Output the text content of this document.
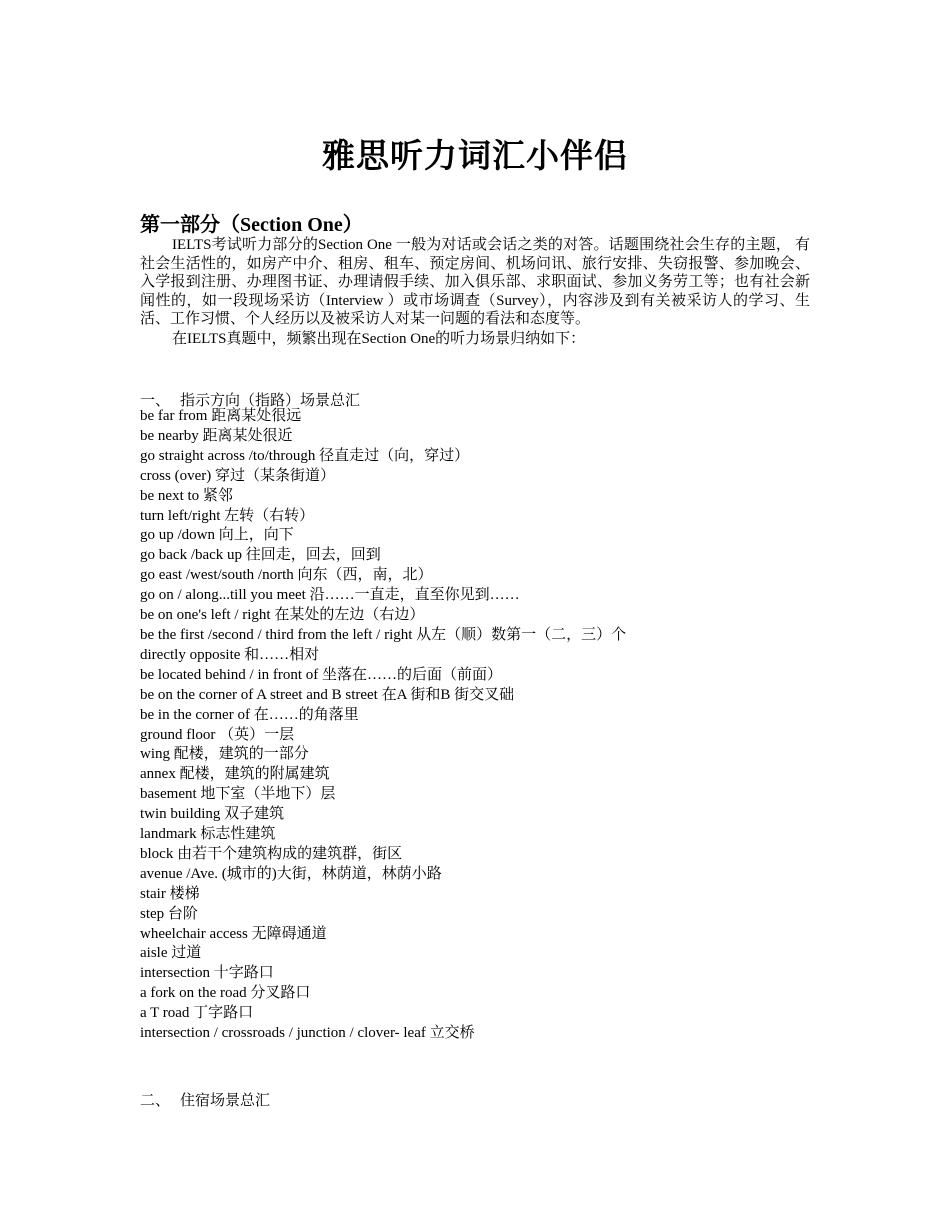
雅思听力词汇小伴侣
第一部分（Section One）

IELTS考试听力部分的Section One 一般为对话或会话之类的对答。话题围绕社会生存的主题， 有社会生活性的，如房产中介、租房、租车、预定房间、机场问讯、旅行安排、失窃报警、参加晚会、入学报到注册、办理图书证、办理请假手续、加入俱乐部、求职面试、参加义务劳工等；也有社会新闻性的，如一段现场采访（Interview ）或市场调查（Survey），内容涉及到有关被采访人的学习、生活、工作习惯、个人经历以及被采访人对某一问题的看法和态度等。

在IELTS真题中，频繁出现在Section One的听力场景归纳如下：

一、 指示方向（指路）场景总汇
be far from 距离某处很远
be nearby 距离某处很近
go straight across /to/through 径直走过（向，穿过）
cross (over) 穿过（某条街道）
be next to 紧邻
turn left/right 左转（右转）
go up /down 向上，向下
go back /back up 往回走，回去，回到
go east /west/south /north 向东（西，南，北）
go on / along...till you meet 沿……一直走，直至你见到……
be on one's left / right 在某处的左边（右边）
be the first /second / third from the left / right 从左（顺）数第一（二，三）个
directly opposite 和……相对
be located behind / in front of 坐落在……的后面（前面）
be on the corner of A street and B street 在A 街和B 街交叉础
be in the corner of 在……的角落里
ground floor （英）一层
wing 配楼，建筑的一部分
annex 配楼，建筑的附属建筑
basement 地下室（半地下）层
twin building 双子建筑
landmark 标志性建筑
block 由若干个建筑构成的建筑群，街区
avenue /Ave. (城市的)大街，林荫道，林荫小路
stair 楼梯
step 台阶
wheelchair access 无障碍通道
aisle 过道
intersection 十字路口
a fork on the road 分叉路口
a T road 丁字路口
intersection / crossroads / junction / clover- leaf 立交桥
二、 住宿场景总汇
